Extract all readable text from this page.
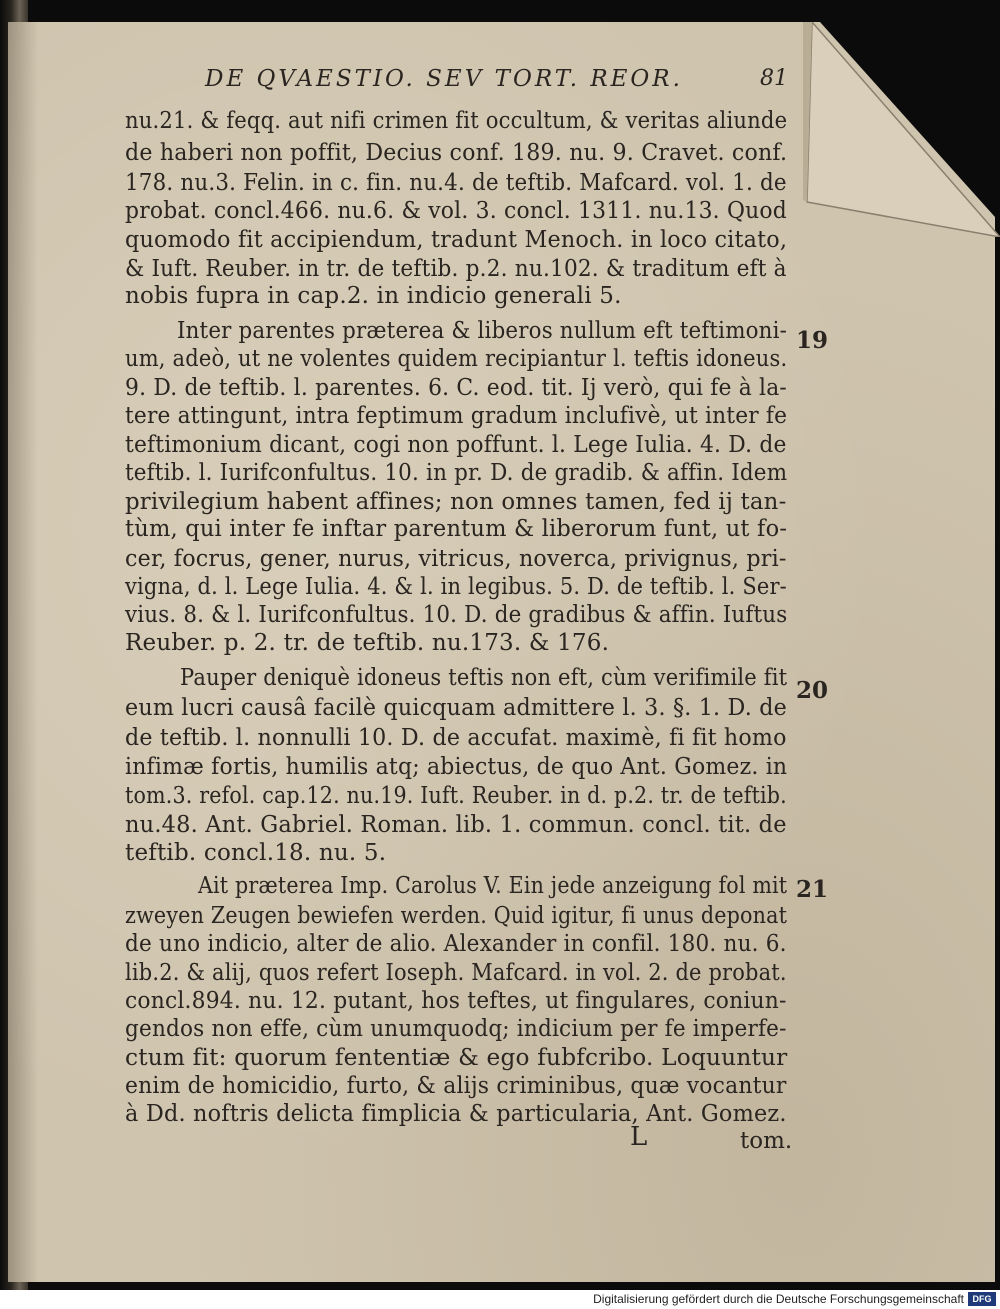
DE QVAESTIO. SEV TORT. REOR.	81
nu.21. & feqq. aut nifi crimen fit occultum, & veritas aliunde
de haberi non poffit, Decius conf. 189. nu. 9. Cravet. conf.
178. nu.3. Felin. in c. fin. nu.4. de teftib. Mafcard. vol. 1. de
probat. concl.466. nu.6. & vol. 3. concl. 1311. nu.13. Quod
quomodo fit accipiendum, tradunt Menoch. in loco citato,
& Iuft. Reuber. in tr. de teftib. p.2. nu.102. & traditum eft à
nobis fupra in cap.2. in indicio generali 5.
Inter parentes præterea & liberos nullum eft teftimoni-
um, adeò, ut ne volentes quidem recipiantur l. teftis idoneus.
9. D. de teftib. l. parentes. 6. C. eod. tit. Ij verò, qui fe à la-
tere attingunt, intra feptimum gradum inclufivè, ut inter fe
teftimonium dicant, cogi non poffunt. l. Lege Iulia. 4. D. de
teftib. l. Iurifconfultus. 10. in pr. D. de gradib. & affin. Idem
privilegium habent affines; non omnes tamen, fed ij tan-
tùm, qui inter fe inftar parentum & liberorum funt, ut fo-
cer, focrus, gener, nurus, vitricus, noverca, privignus, pri-
vigna, d. l. Lege Iulia. 4. & l. in legibus. 5. D. de teftib. l. Ser-
vius. 8. & l. Iurifconfultus. 10. D. de gradibus & affin. Iuftus
Reuber. p. 2. tr. de teftib. nu.173. & 176.
Pauper deniquè idoneus teftis non eft, cùm verifimile fit
eum lucri causâ facilè quicquam admittere l. 3. §. 1. D. de
de teftib. l. nonnulli 10. D. de accufat. maximè, fi fit homo
infimæ fortis, humilis atq; abiectus, de quo Ant. Gomez. in
tom.3. refol. cap.12. nu.19. Iuft. Reuber. in d. p.2. tr. de teftib.
nu.48. Ant. Gabriel. Roman. lib. 1. commun. concl. tit. de
teftib. concl.18. nu. 5.
Ait præterea Imp. Carolus V. Ein jede anzeigung fol mit
zweyen Zeugen bewiefen werden. Quid igitur, fi unus deponat
de uno indicio, alter de alio. Alexander in confil. 180. nu. 6.
lib.2. & alij, quos refert Ioseph. Mafcard. in vol. 2. de probat.
concl.894. nu. 12. putant, hos teftes, ut fingulares, coniun-
gendos non effe, cùm unumquodq; indicium per fe imperfe-
ctum fit: quorum fententiæ & ego fubfcribo. Loquuntur
enim de homicidio, furto, & alijs criminibus, quæ vocantur
à Dd. noftris delicta fimplicia & particularia, Ant. Gomez.
19
20
21
L	tom.
Digitalisierung gefördert durch die Deutsche Forschungsgemeinschaft DFG
